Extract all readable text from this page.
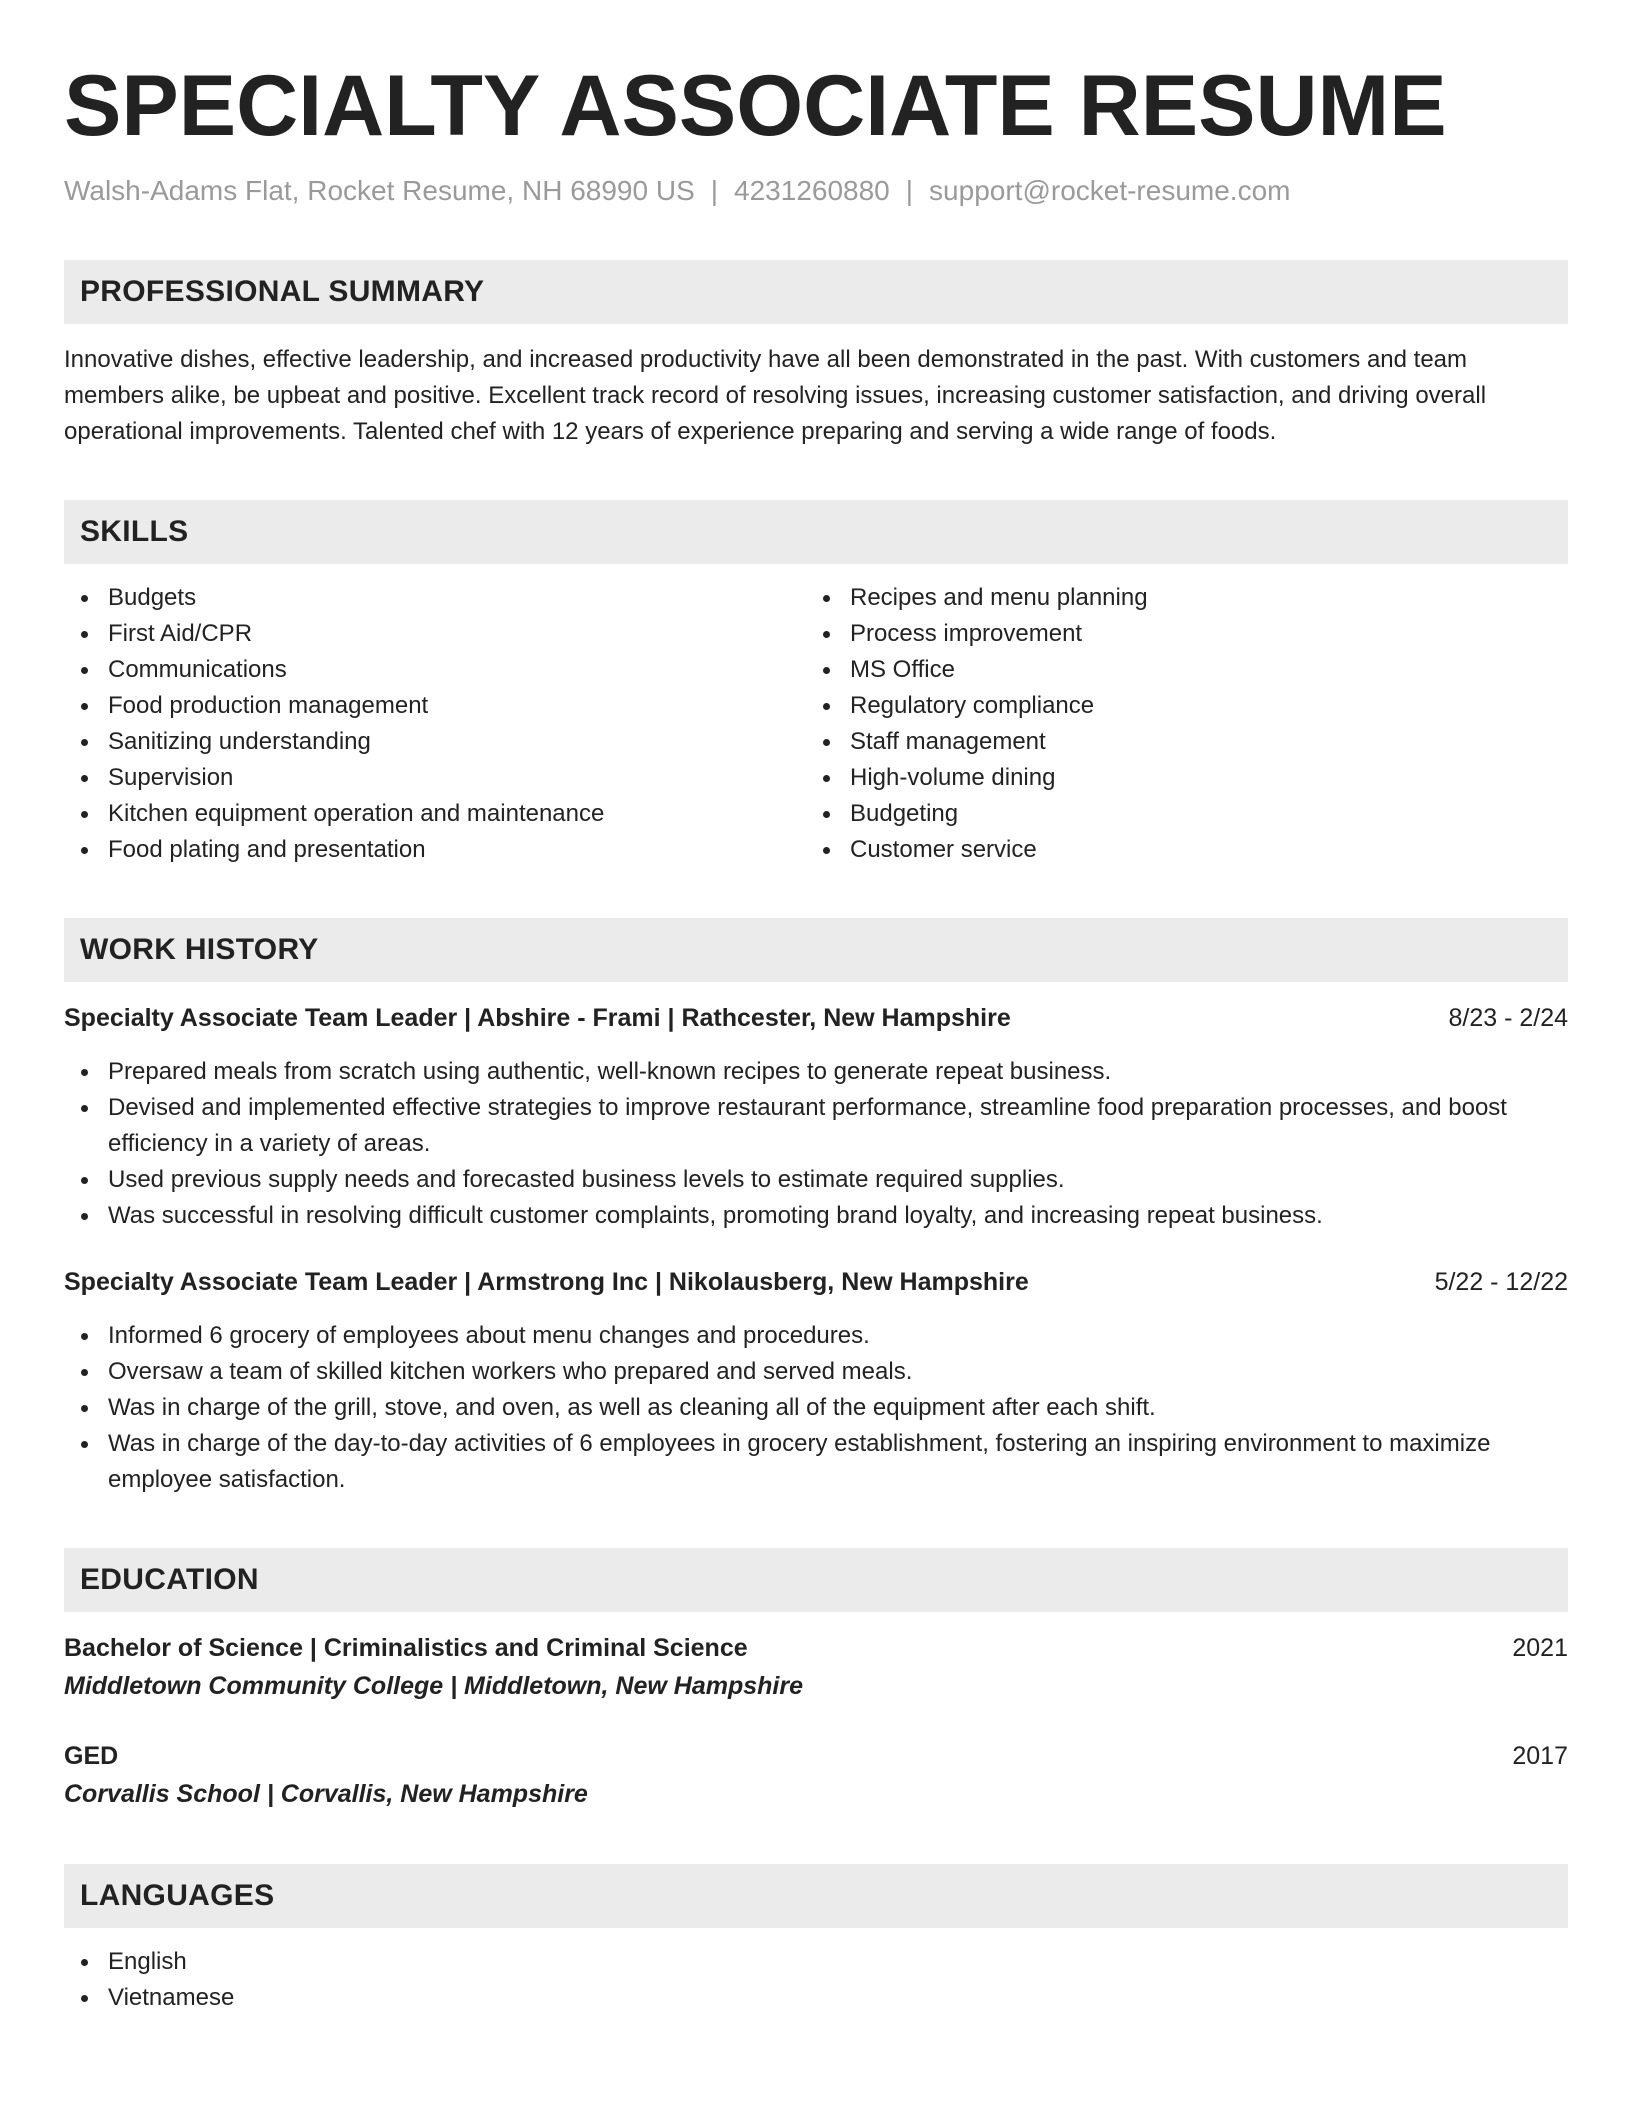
SPECIALTY ASSOCIATE RESUME
Walsh-Adams Flat, Rocket Resume, NH 68990 US | 4231260880 | support@rocket-resume.com
PROFESSIONAL SUMMARY

Innovative dishes, effective leadership, and increased productivity have all been demonstrated in the past. With customers and team members alike, be upbeat and positive. Excellent track record of resolving issues, increasing customer satisfaction, and driving overall operational improvements. Talented chef with 12 years of experience preparing and serving a wide range of foods.

SKILLS
Budgets
First Aid/CPR
Communications
Food production management
Sanitizing understanding
Supervision
Kitchen equipment operation and maintenance
Food plating and presentation
Recipes and menu planning
Process improvement
MS Office
Regulatory compliance
Staff management
High-volume dining
Budgeting
Customer service
WORK HISTORY
Specialty Associate Team Leader | Abshire - Frami | Rathcester, New Hampshire	8/23 - 2/24
Prepared meals from scratch using authentic, well-known recipes to generate repeat business.
Devised and implemented effective strategies to improve restaurant performance, streamline food preparation processes, and boost efficiency in a variety of areas.
Used previous supply needs and forecasted business levels to estimate required supplies.
Was successful in resolving difficult customer complaints, promoting brand loyalty, and increasing repeat business.
Specialty Associate Team Leader | Armstrong Inc | Nikolausberg, New Hampshire	5/22 - 12/22
Informed 6 grocery of employees about menu changes and procedures.
Oversaw a team of skilled kitchen workers who prepared and served meals.
Was in charge of the grill, stove, and oven, as well as cleaning all of the equipment after each shift.
Was in charge of the day-to-day activities of 6 employees in grocery establishment, fostering an inspiring environment to maximize employee satisfaction.
EDUCATION
Bachelor of Science | Criminalistics and Criminal Science	2021
Middletown Community College | Middletown, New Hampshire
GED	2017
Corvallis School | Corvallis, New Hampshire
LANGUAGES
English
Vietnamese
